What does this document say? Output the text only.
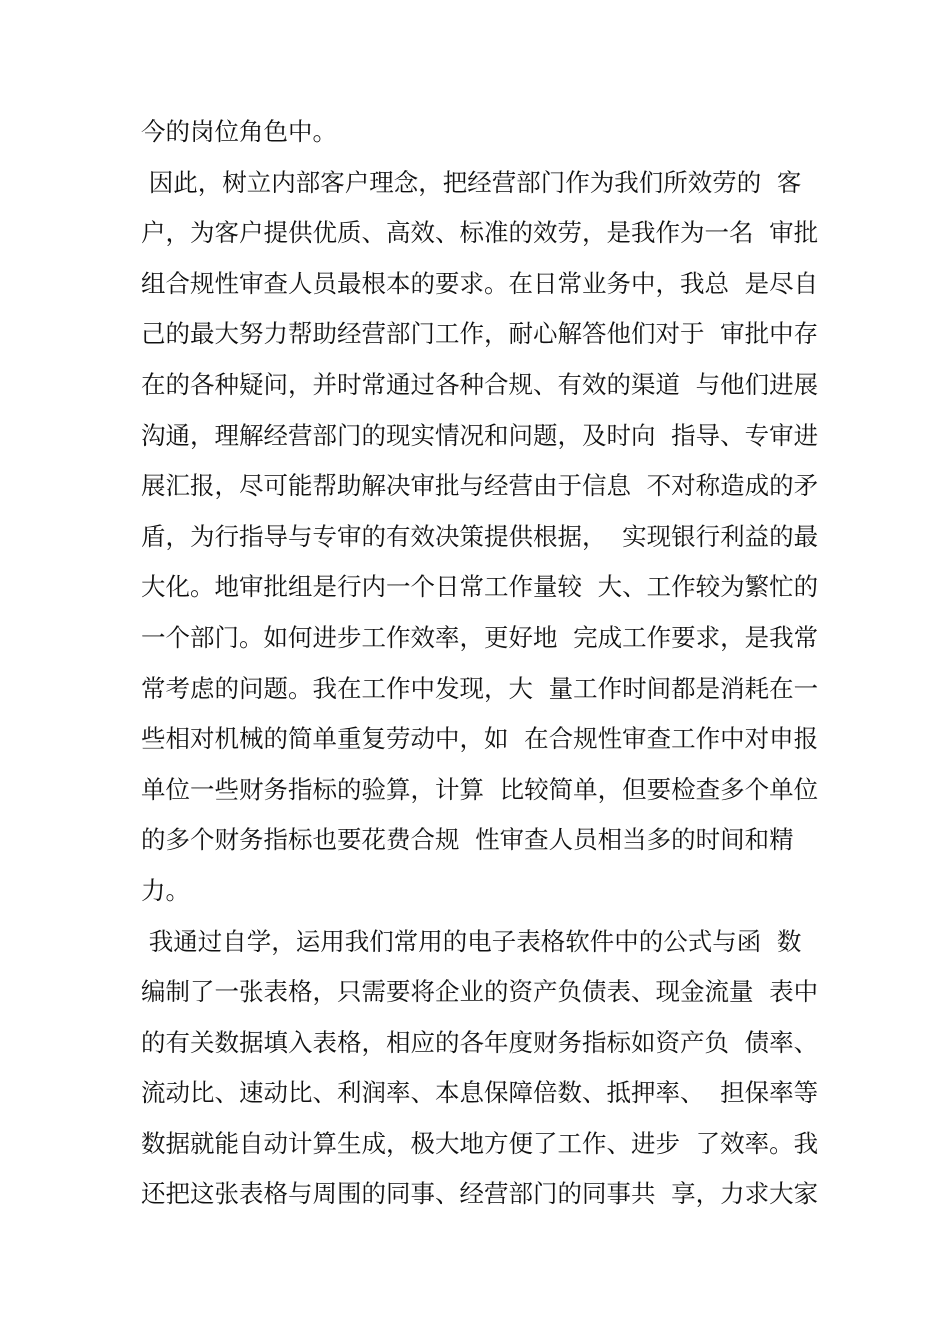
今的岗位角色中。
因此，树立内部客户理念，把经营部门作为我们所效劳的  客
户，为客户提供优质、高效、标准的效劳，是我作为一名  审批
组合规性审查人员最根本的要求。在日常业务中，我总  是尽自
己的最大努力帮助经营部门工作，耐心解答他们对于  审批中存
在的各种疑问，并时常通过各种合规、有效的渠道  与他们进展
沟通，理解经营部门的现实情况和问题，及时向  指导、专审进
展汇报，尽可能帮助解决审批与经营由于信息  不对称造成的矛
盾，为行指导与专审的有效决策提供根据，  实现银行利益的最
大化。地审批组是行内一个日常工作量较  大、工作较为繁忙的
一个部门。如何进步工作效率，更好地  完成工作要求，是我常
常考虑的问题。我在工作中发现，大  量工作时间都是消耗在一
些相对机械的简单重复劳动中，如  在合规性审查工作中对申报
单位一些财务指标的验算，计算  比较简单，但要检查多个单位
的多个财务指标也要花费合规  性审查人员相当多的时间和精
力。
我通过自学，运用我们常用的电子表格软件中的公式与函  数
编制了一张表格，只需要将企业的资产负债表、现金流量  表中
的有关数据填入表格，相应的各年度财务指标如资产负  债率、
流动比、速动比、利润率、本息保障倍数、抵押率、  担保率等
数据就能自动计算生成，极大地方便了工作、进步  了效率。我
还把这张表格与周围的同事、经营部门的同事共  享，力求大家
